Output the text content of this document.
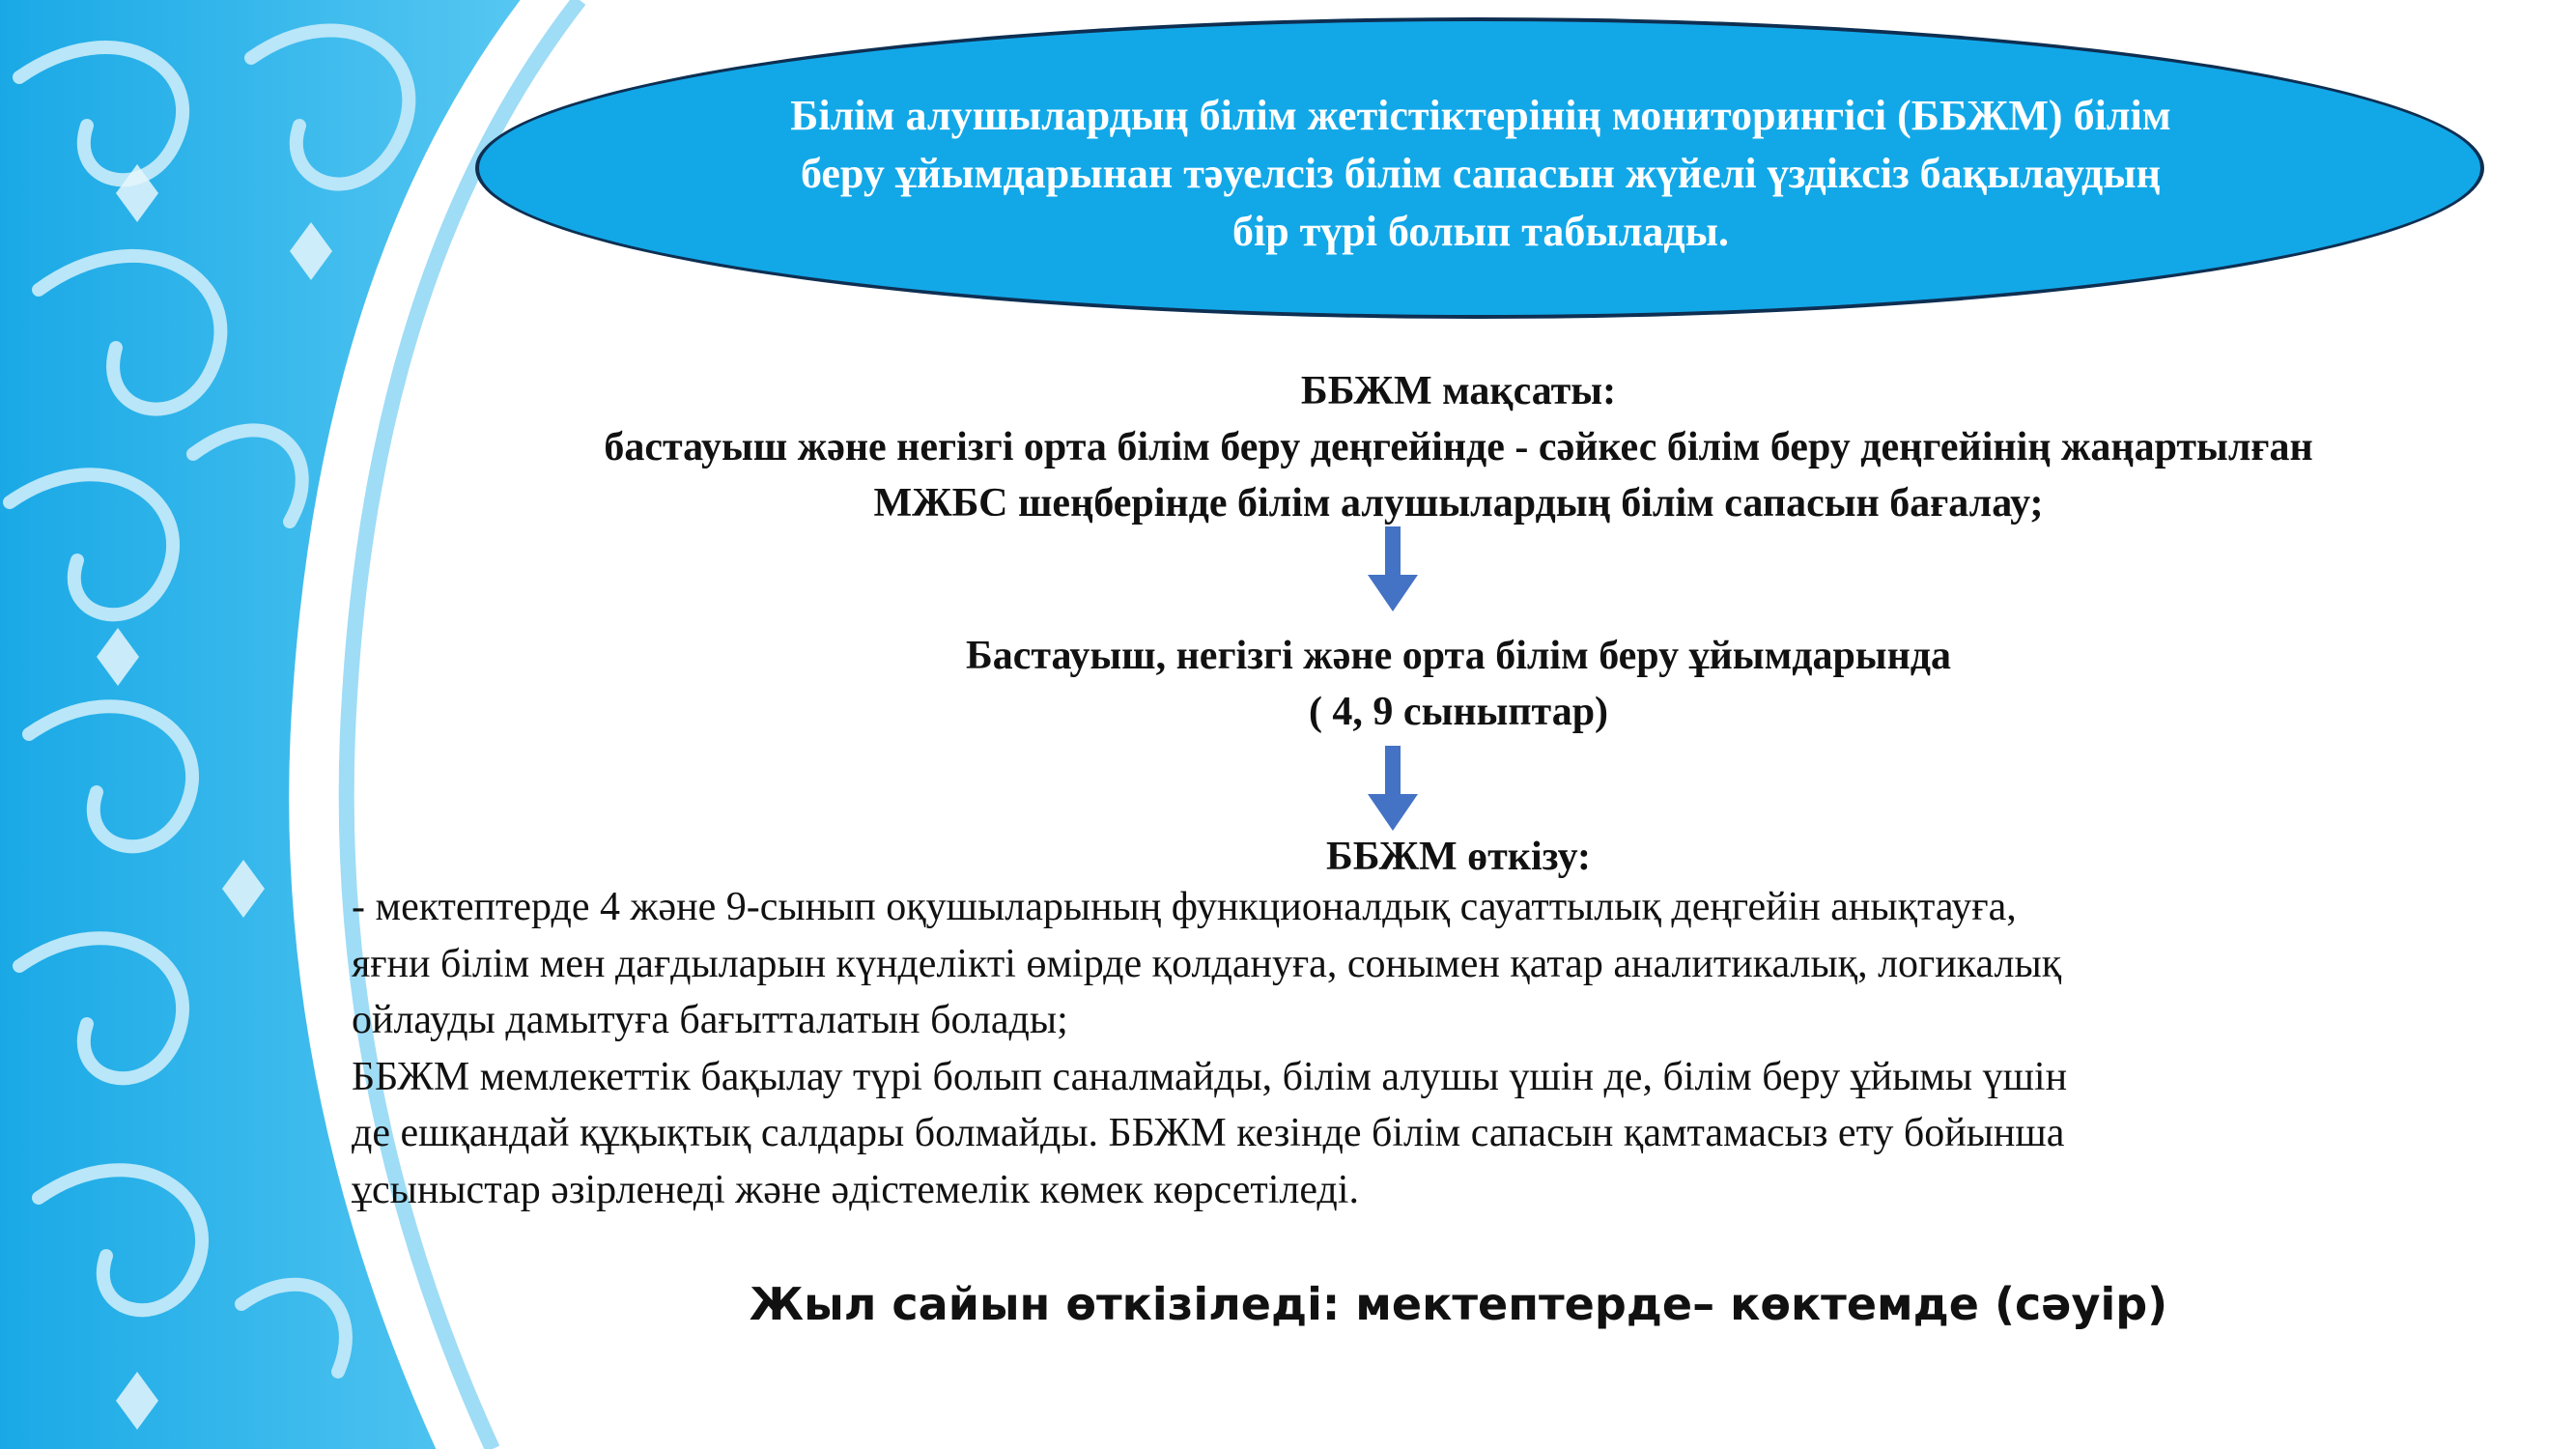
Білім алушылардың білім жетістіктерінің мониторингісі (ББЖМ) білім
беру ұйымдарынан тәуелсіз білім сапасын жүйелі үздіксіз бақылаудың
бір түрі болып табылады.
ББЖМ мақсаты:
бастауыш және негізгі орта білім беру деңгейінде - сәйкес білім беру деңгейінің жаңартылған
МЖБС шеңберінде білім алушылардың білім сапасын бағалау;
Бастауыш, негізгі және орта білім беру ұйымдарында
( 4, 9 сыныптар)
ББЖМ өткізу:
- мектептерде 4 және 9-сынып оқушыларының функционалдық сауаттылық деңгейін анықтауға,
яғни білім мен дағдыларын күнделікті өмірде қолдануға, сонымен қатар аналитикалық, логикалық
ойлауды дамытуға бағытталатын болады;
ББЖМ мемлекеттік бақылау түрі болып саналмайды, білім алушы үшін де, білім беру ұйымы үшін
де ешқандай құқықтық салдары болмайды. ББЖМ кезінде білім сапасын қамтамасыз ету бойынша
ұсыныстар әзірленеді және әдістемелік көмек көрсетіледі.
Жыл сайын өткізіледі: мектептерде– көктемде (сәуір)
